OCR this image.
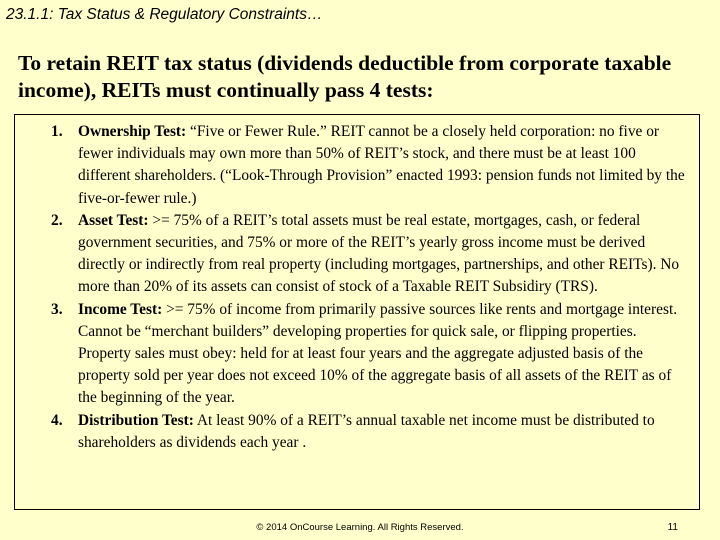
23.1.1: Tax Status & Regulatory Constraints…

To retain REIT tax status (dividends deductible from corporate taxable income), REITs must continually pass 4 tests:

1. Ownership Test: “Five or Fewer Rule.” REIT cannot be a closely held corporation: no five or fewer individuals may own more than 50% of REIT’s stock, and there must be at least 100 different shareholders. (“Look-Through Provision” enacted 1993: pension funds not limited by the five-or-fewer rule.)
2. Asset Test: >= 75% of a REIT’s total assets must be real estate, mortgages, cash, or federal government securities, and 75% or more of the REIT’s yearly gross income must be derived directly or indirectly from real property (including mortgages, partnerships, and other REITs). No more than 20% of its assets can consist of stock of a Taxable REIT Subsidiry (TRS).
3. Income Test: >= 75% of income from primarily passive sources like rents and mortgage interest. Cannot be “merchant builders” developing properties for quick sale, or flipping properties. Property sales must obey: held for at least four years and the aggregate adjusted basis of the property sold per year does not exceed 10% of the aggregate basis of all assets of the REIT as of the beginning of the year.
4. Distribution Test: At least 90% of a REIT’s annual taxable net income must be distributed to shareholders as dividends each year .
© 2014 OnCourse Learning. All Rights Reserved.	11
